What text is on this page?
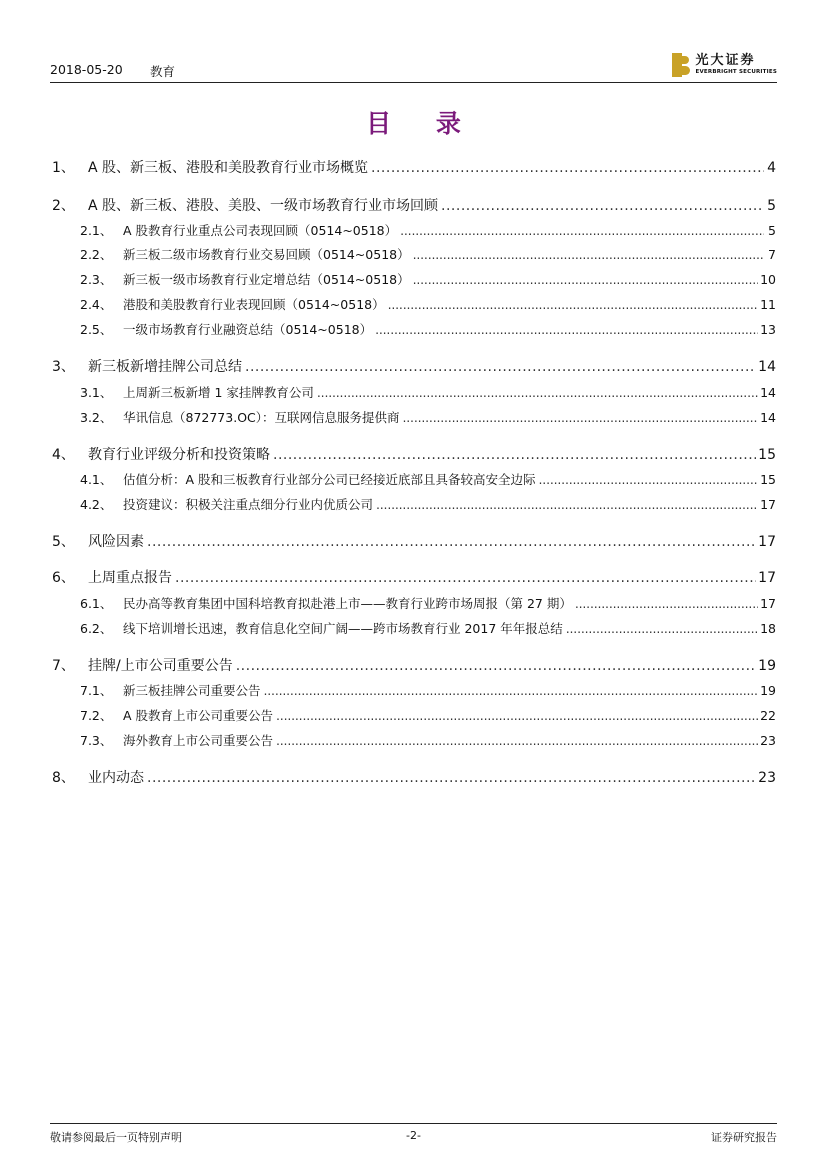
2018-05-20 教育
光大证券
EVERBRIGHT SECURITIES
目 录
1、 A 股、新三板、港股和美股教育行业市场概览 .....	4
2、 A 股、新三板、港股、美股、一级市场教育行业市场回顾 .....	5
2.1、 A 股教育行业重点公司表现回顾（0514~0518） .....	5
2.2、 新三板二级市场教育行业交易回顾（0514~0518） .....	7
2.3、 新三板一级市场教育行业定增总结（0514~0518） .....	10
2.4、 港股和美股教育行业表现回顾（0514~0518） .....	11
2.5、 一级市场教育行业融资总结（0514~0518） .....	13
3、 新三板新增挂牌公司总结 .....	14
3.1、 上周新三板新增 1 家挂牌教育公司 .....	14
3.2、 华讯信息（872773.OC）：互联网信息服务提供商 .....	14
4、 教育行业评级分析和投资策略 .....	15
4.1、 估值分析：A 股和三板教育行业部分公司已经接近底部且具备较高安全边际 .....	15
4.2、 投资建议：积极关注重点细分行业内优质公司 .....	17
5、 风险因素 .....	17
6、 上周重点报告 .....	17
6.1、 民办高等教育集团中国科培教育拟赴港上市——教育行业跨市场周报（第 27 期） .....	17
6.2、 线下培训增长迅速，教育信息化空间广阔——跨市场教育行业 2017 年年报总结 .....	18
7、 挂牌/上市公司重要公告 .....	19
7.1、 新三板挂牌公司重要公告 .....	19
7.2、 A 股教育上市公司重要公告 .....	22
7.3、 海外教育上市公司重要公告 .....	23
8、 业内动态 .....	23
敬请参阅最后一页特别声明	-2-	证券研究报告
